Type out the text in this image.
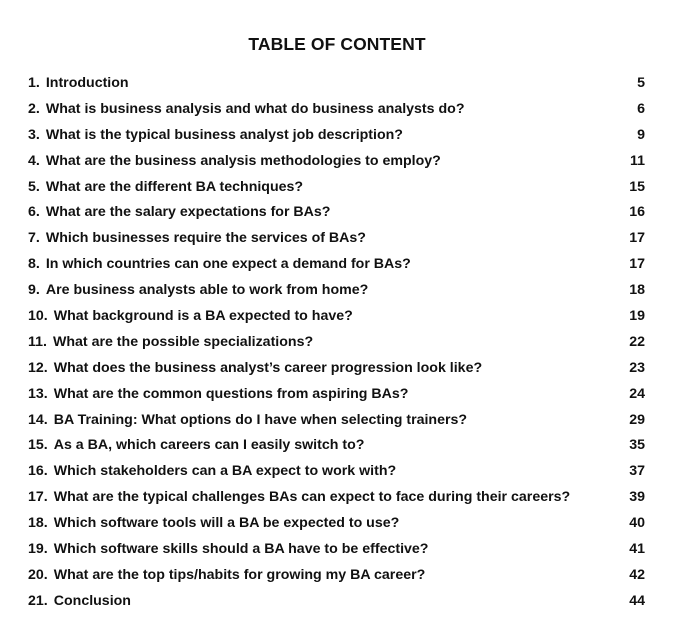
TABLE OF CONTENT
1. Introduction	5
2. What is business analysis and what do business analysts do?	6
3. What is the typical business analyst job description?	9
4. What are the business analysis methodologies to employ?	11
5. What are the different BA techniques?	15
6. What are the salary expectations for BAs?	16
7. Which businesses require the services of BAs?	17
8. In which countries can one expect a demand for BAs?	17
9. Are business analysts able to work from home?	18
10. What background is a BA expected to have?	19
11. What are the possible specializations?	22
12. What does the business analyst’s career progression look like?	23
13. What are the common questions from aspiring BAs?	24
14. BA Training: What options do I have when selecting trainers?	29
15. As a BA, which careers can I easily switch to?	35
16. Which stakeholders can a BA expect to work with?	37
17. What are the typical challenges BAs can expect to face during their careers?	39
18. Which software tools will a BA be expected to use?	40
19. Which software skills should a BA have to be effective?	41
20. What are the top tips/habits for growing my BA career?	42
21. Conclusion	44
